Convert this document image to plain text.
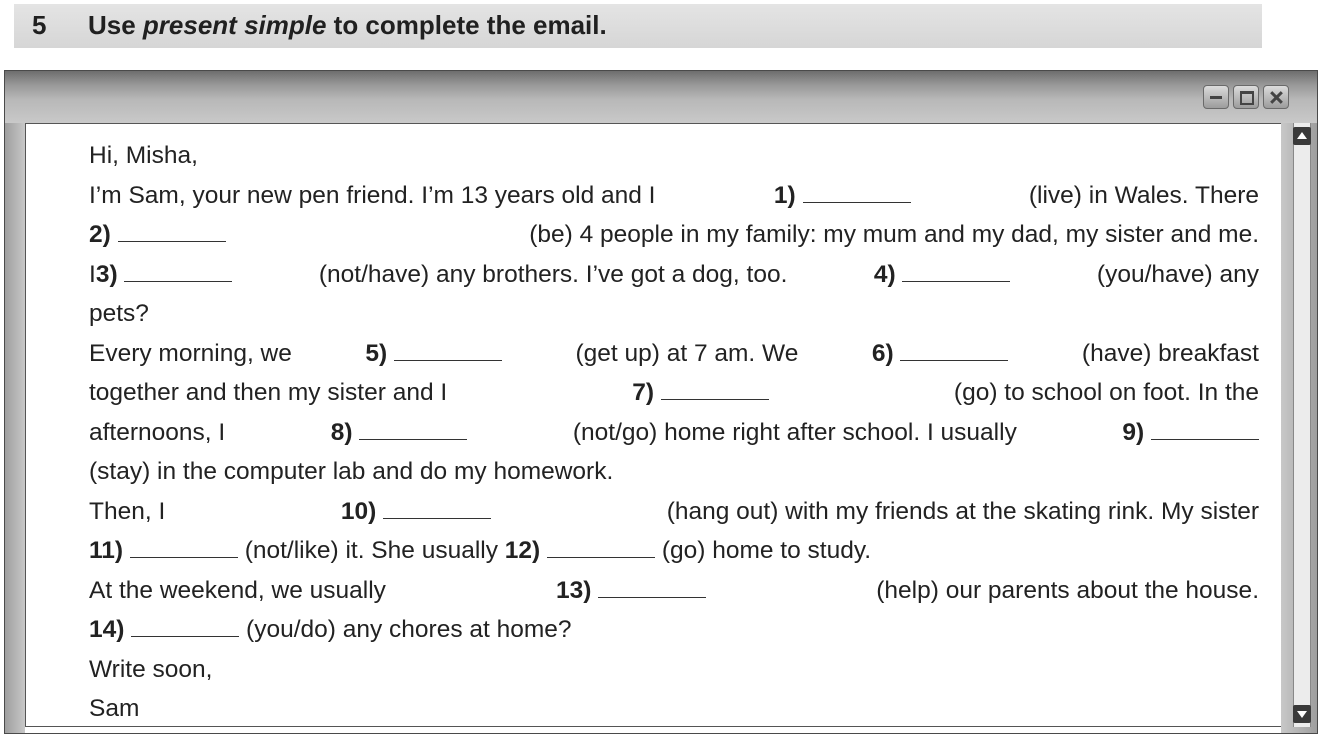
5 Use present simple to complete the email.
Hi, Misha,
I’m Sam, your new pen friend. I’m 13 years old and I	1)	(live) in Wales. There
2)	(be) 4 people in my family: my mum and my dad, my sister and me.
I3)	(not/have) any brothers. I’ve got a dog, too.	4)	(you/have) any
pets?
Every morning, we	5)	(get up) at 7 am. We	6)	(have) breakfast
together and then my sister and I	7)	(go) to school on foot. In the
afternoons, I	8)	(not/go) home right after school. I usually	9)
(stay) in the computer lab and do my homework.
Then, I	10)	(hang out) with my friends at the skating rink. My sister
11)	(not/like) it. She usually 12)	(go) home to study.
At the weekend, we usually	13)	(help) our parents about the house.
14)	(you/do) any chores at home?
Write soon,
Sam
